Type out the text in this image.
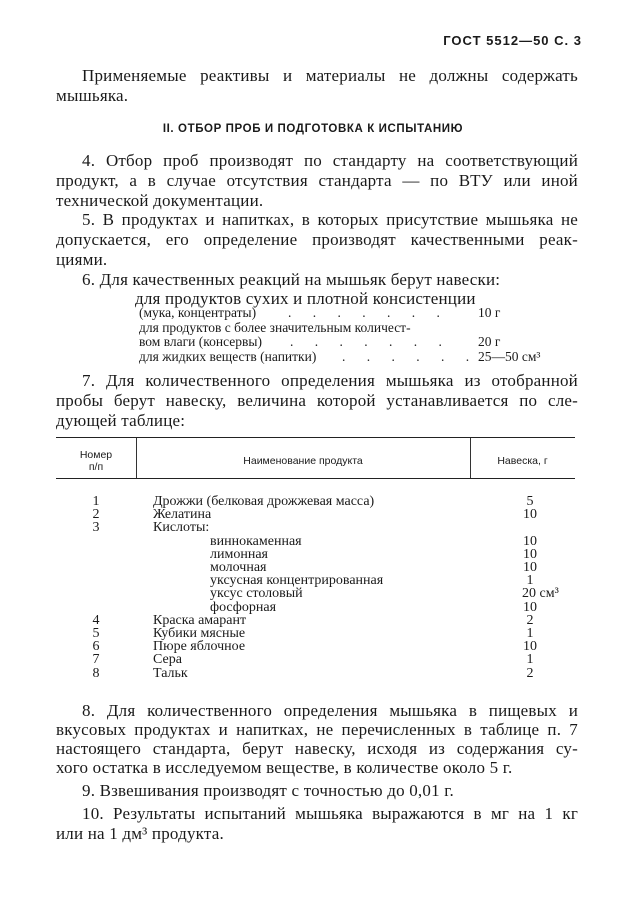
ГОСТ 5512—50 С. 3
Применяемые реактивы и материалы не должны содержать
мышьяка.
II. ОТБОР ПРОБ И ПОДГОТОВКА К ИСПЫТАНИЮ
4. Отбор проб производят по стандарту на соответствующий
продукт, а в случае отсутствия стандарта — по ВТУ или иной
технической документации.
5. В продуктах и напитках, в которых присутствие мышьяка не
допускается, его определение производят качественными реак-
циями.
6. Для качественных реакций на мышьяк берут навески:
для продуктов сухих и плотной консистенции
(мука, концентраты) . . . . . . . 10 г
для продуктов с более значительным количест-
вом влаги (консервы) . . . . . . . 20 г
для жидких веществ (напитки) . . . . . . 25—50 см³
7. Для количественного определения мышьяка из отобранной
пробы берут навеску, величина которой устанавливается по сле-
дующей таблице:
Номер
п/п	Наименование продукта	Навеска, г
1	Дрожжи (белковая дрожжевая масса)	5
2	Желатина	10
3	Кислоты:
виннокаменная	10
лимонная	10
молочная	10
уксусная концентрированная	1
уксус столовый	20 см³
фосфорная	10
4	Краска амарант	2
5	Кубики мясные	1
6	Пюре яблочное	10
7	Сера	1
8	Тальк	2
8. Для количественного определения мышьяка в пищевых и
вкусовых продуктах и напитках, не перечисленных в таблице п. 7
настоящего стандарта, берут навеску, исходя из содержания су-
хого остатка в исследуемом веществе, в количестве около 5 г.
9. Взвешивания производят с точностью до 0,01 г.
10. Результаты испытаний мышьяка выражаются в мг на 1 кг
или на 1 дм³ продукта.
